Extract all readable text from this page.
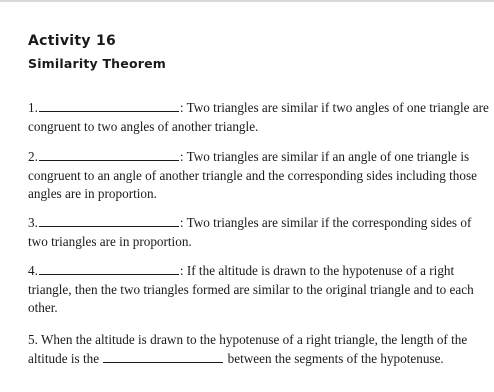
Activity 16
Similarity Theorem
1.	: Two triangles are similar if two angles of one triangle are congruent to two angles of another triangle.
2.	: Two triangles are similar if an angle of one triangle is congruent to an angle of another triangle and the corresponding sides including those angles are in proportion.
3.	: Two triangles are similar if the corresponding sides of two triangles are in proportion.
4.	: If the altitude is drawn to the hypotenuse of a right triangle, then the two triangles formed are similar to the original triangle and to each other.
5. When the altitude is drawn to the hypotenuse of a right triangle, the length of the altitude is the	between the segments of the hypotenuse.
